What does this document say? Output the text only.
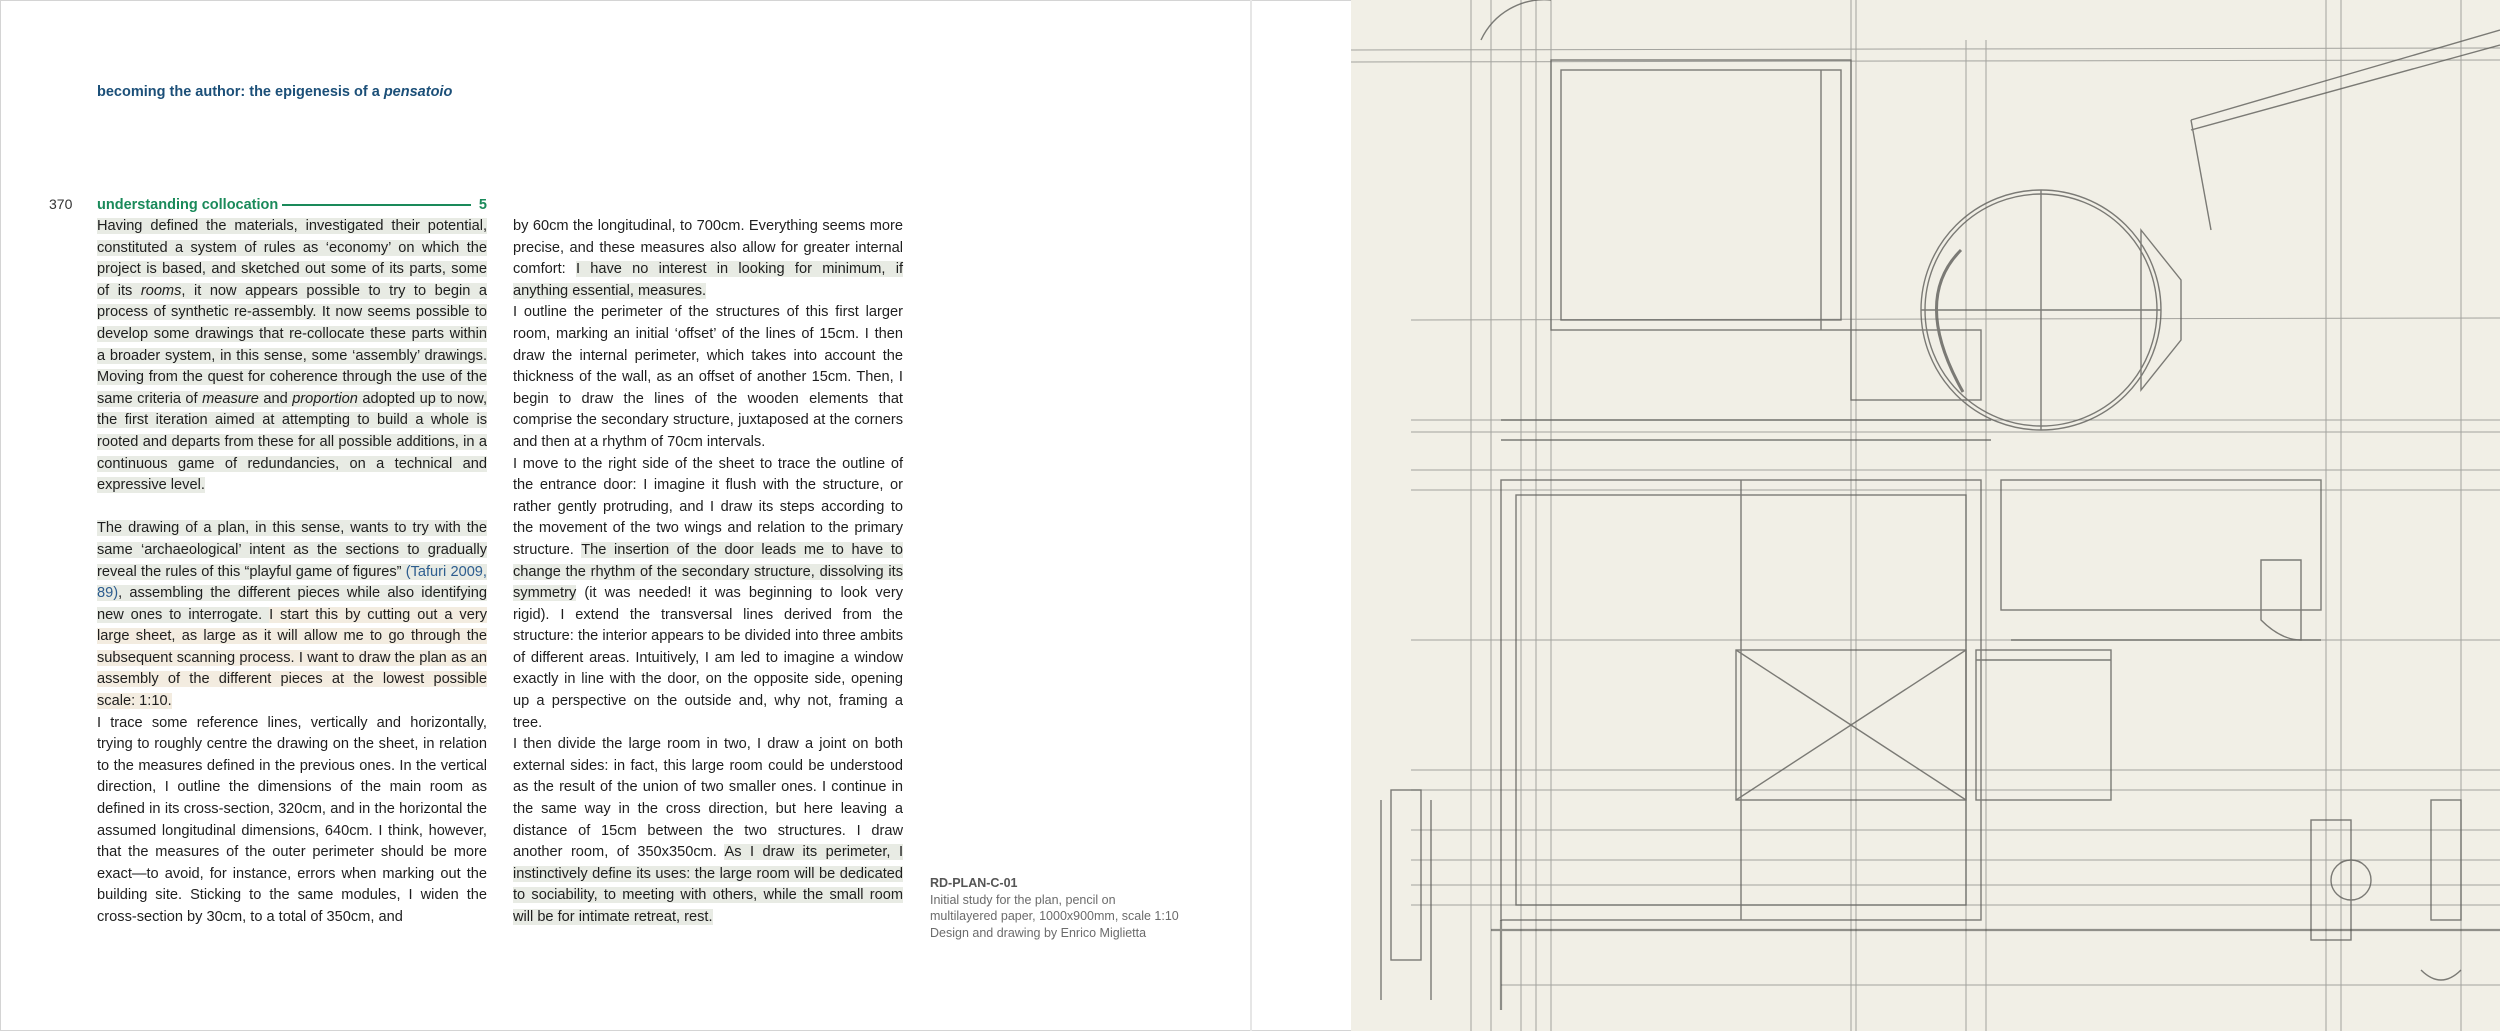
becoming the author: the epigenesis of a pensatoio
370 understanding collocation	5

Having defined the materials, investigated their potential, constituted a system of rules as ‘economy’ on which the project is based, and sketched out some of its parts, some of its rooms, it now appears possible to try to begin a process of synthetic re-assembly. It now seems possible to develop some drawings that re-collocate these parts within a broader system, in this sense, some ‘assembly’ drawings. Moving from the quest for coherence through the use of the same criteria of measure and proportion adopted up to now, the first iteration aimed at attempting to build a whole is rooted and departs from these for all possible additions, in a continuous game of redundancies, on a technical and expressive level.

The drawing of a plan, in this sense, wants to try with the same ‘archaeological’ intent as the sections to gradually reveal the rules of this “playful game of figures” (Tafuri 2009, 89), assembling the different pieces while also identifying new ones to interrogate. I start this by cutting out a very large sheet, as large as it will allow me to go through the subsequent scanning process. I want to draw the plan as an assembly of the different pieces at the lowest possible scale: 1:10.

I trace some reference lines, vertically and horizontally, trying to roughly centre the drawing on the sheet, in relation to the measures defined in the previous ones. In the vertical direction, I outline the dimensions of the main room as defined in its cross-section, 320cm, and in the horizontal the assumed longitudinal dimensions, 640cm. I think, however, that the measures of the outer perimeter should be more exact—to avoid, for instance, errors when marking out the building site. Sticking to the same modules, I widen the cross-section by 30cm, to a total of 350cm, and

by 60cm the longitudinal, to 700cm. Everything seems more precise, and these measures also allow for greater internal comfort: I have no interest in looking for minimum, if anything essential, measures.

I outline the perimeter of the structures of this first larger room, marking an initial ‘offset’ of the lines of 15cm. I then draw the internal perimeter, which takes into account the thickness of the wall, as an offset of another 15cm. Then, I begin to draw the lines of the wooden elements that comprise the secondary structure, juxtaposed at the corners and then at a rhythm of 70cm intervals.

I move to the right side of the sheet to trace the outline of the entrance door: I imagine it flush with the structure, or rather gently protruding, and I draw its steps according to the movement of the two wings and relation to the primary structure. The insertion of the door leads me to have to change the rhythm of the secondary structure, dissolving its symmetry (it was needed! it was beginning to look very rigid). I extend the transversal lines derived from the structure: the interior appears to be divided into three ambits of different areas. Intuitively, I am led to imagine a window exactly in line with the door, on the opposite side, opening up a perspective on the outside and, why not, framing a tree.

I then divide the large room in two, I draw a joint on both external sides: in fact, this large room could be understood as the result of the union of two smaller ones. I continue in the same way in the cross direction, but here leaving a distance of 15cm between the two structures. I draw another room, of 350x350cm. As I draw its perimeter, I instinctively define its uses: the large room will be dedicated to sociability, to meeting with others, while the small room will be for intimate retreat, rest.

RD-PLAN-C-01
Initial study for the plan, pencil on
multilayered paper, 1000x900mm, scale 1:10
Design and drawing by Enrico Miglietta
